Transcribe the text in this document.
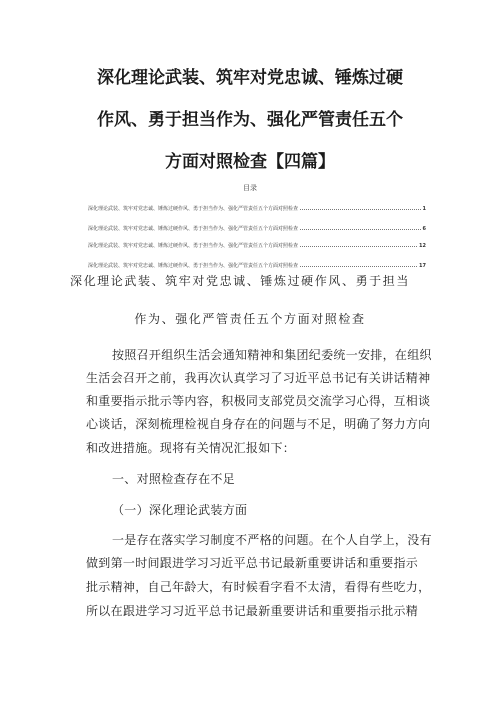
深化理论武装、筑牢对党忠诚、锤炼过硬
作风、勇于担当作为、强化严管责任五个
方面对照检查【四篇】
目录
深化理论武装、筑牢对党忠诚、锤炼过硬作风、勇于担当作为、强化严管责任五个方面对照检查	1
深化理论武装、筑牢对党忠诚、锤炼过硬作风、勇于担当作为、强化严管责任五个方面对照检查	6
深化理论武装、筑牢对党忠诚、锤炼过硬作风、勇于担当作为、强化严管责任五个方面对照检查	12
深化理论武装、筑牢对党忠诚、锤炼过硬作风、勇于担当作为、强化严管责任五个方面对照检查	17
深化理论武装、筑牢对党忠诚、锤炼过硬作风、勇于担当
作为、强化严管责任五个方面对照检查
按照召开组织生活会通知精神和集团纪委统一安排，在组织
生活会召开之前，我再次认真学习了习近平总书记有关讲话精神
和重要指示批示等内容，积极同支部党员交流学习心得，互相谈
心谈话，深刻梳理检视自身存在的问题与不足，明确了努力方向
和改进措施。现将有关情况汇报如下：
一、对照检查存在不足
（一）深化理论武装方面
一是存在落实学习制度不严格的问题。在个人自学上，没有
做到第一时间跟进学习习近平总书记最新重要讲话和重要指示
批示精神，自己年龄大，有时候看字看不太清，看得有些吃力，
所以在跟进学习习近平总书记最新重要讲话和重要指示批示精
